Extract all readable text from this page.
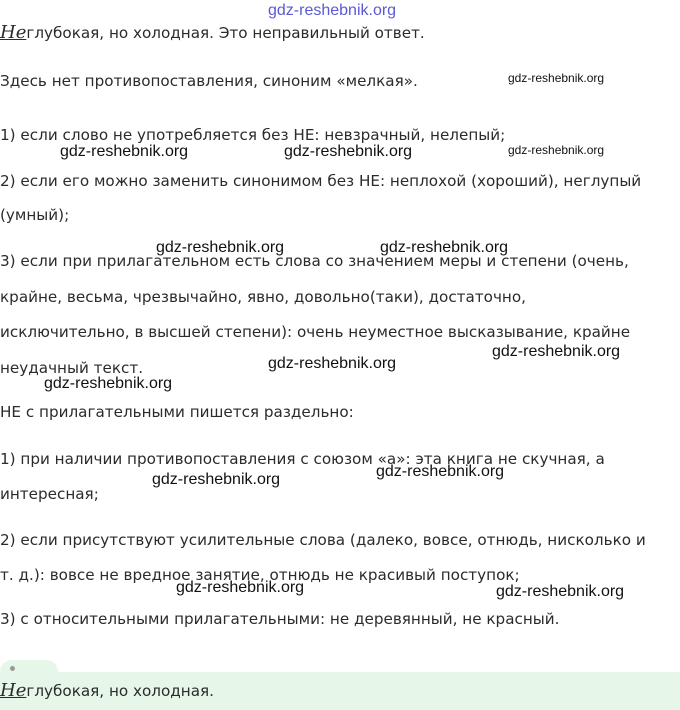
gdz-reshebnik.org
Неглубокая, но холодная. Это неправильный ответ.
Здесь нет противопоставления, синоним «мелкая».
1) если слово не употребляется без НЕ: невзрачный, нелепый;
2) если его можно заменить синонимом без НЕ: неплохой (хороший), неглупый
(умный);
3) если при прилагательном есть слова со значением меры и степени (очень,
крайне, весьма, чрезвычайно, явно, довольно(таки), достаточно,
исключительно, в высшей степени): очень неуместное высказывание, крайне
неудачный текст.
НЕ с прилагательными пишется раздельно:
1) при наличии противопоставления с союзом «а»: эта книга не скучная, а
интересная;
2) если присутствуют усилительные слова (далеко, вовсе, отнюдь, нисколько и
т. д.): вовсе не вредное занятие, отнюдь не красивый поступок;
3) с относительными прилагательными: не деревянный, не красный.
gdz-reshebnik.org
gdz-reshebnik.org	gdz-reshebnik.org	gdz-reshebnik.org
gdz-reshebnik.org	gdz-reshebnik.org
gdz-reshebnik.org
gdz-reshebnik.org
gdz-reshebnik.org
gdz-reshebnik.org
gdz-reshebnik.org
gdz-reshebnik.org	gdz-reshebnik.org
Неглубокая, но холодная.
